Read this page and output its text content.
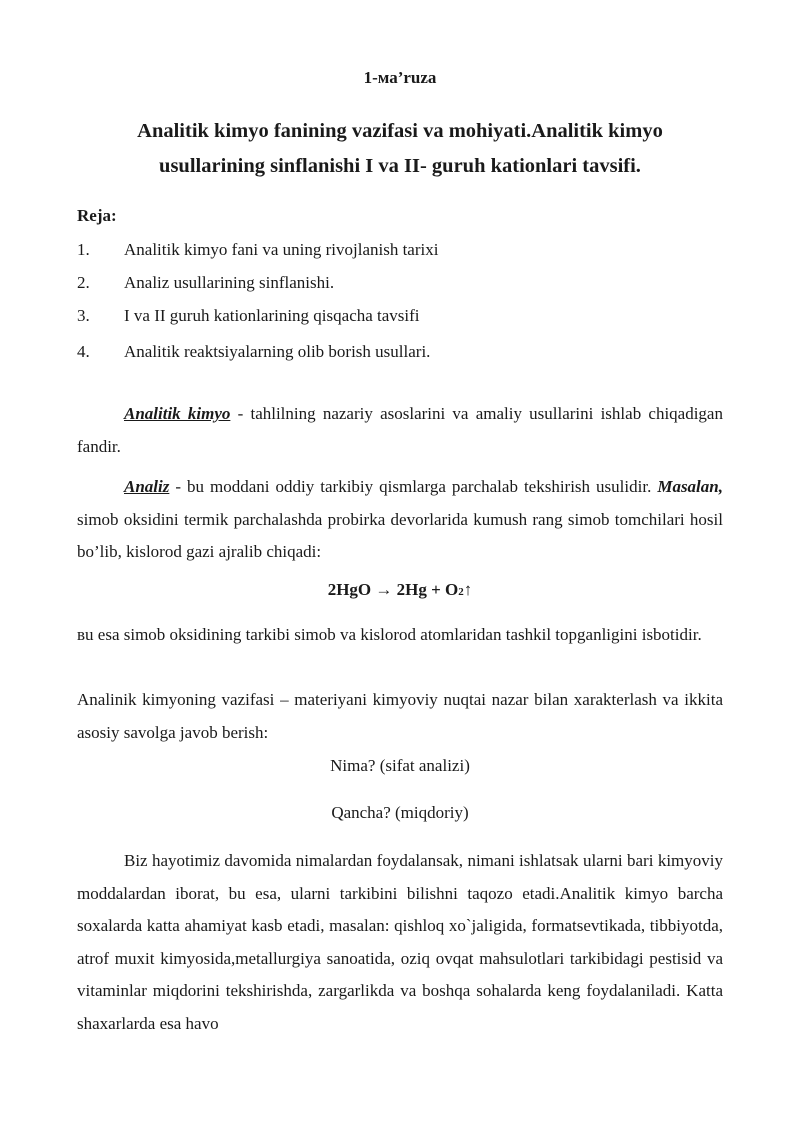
1-ма’ruza
Analitik kimyo fanining vazifasi va mohiyati.Analitik kimyo
usullarining sinflanishi I va II- guruh kationlari tavsifi.
Reja:
1. Analitik kimyo fani va uning rivojlanish tarixi
2. Analiz usullarining sinflanishi.
3. I va II guruh kationlarining qisqacha tavsifi
4. Analitik reaktsiyalarning olib borish usullari.

Analitik kimyo - tahlilning nazariy asoslarini va amaliy usullarini ishlab chiqadigan fandir.

Analiz - bu moddani oddiy tarkibiy qismlarga parchalab tekshirish usulidir. Masalan, simob oksidini termik parchalashda probirka devorlarida kumush rang simob tomchilari hosil bo’lib, kislorod gazi ajralib chiqadi:

2HgO → 2Hg + O2↑

вu esa simob oksidining tarkibi simob va kislorod atomlaridan tashkil topganligini isbotidir.

Analinik kimyoning vazifasi – materiyani kimyoviy nuqtai nazar bilan xarakterlash va ikkita asosiy savolga javob berish:

Nima? (sifat analizi)
Qancha? (miqdoriy)

Biz hayotimiz davomida nimalardan foydalansak, nimani ishlatsak ularni bari kimyoviy moddalardan iborat, bu esa, ularni tarkibini bilishni taqozo etadi.Analitik kimyo barcha soxalarda katta ahamiyat kasb etadi, masalan: qishloq xo`jaligida, formatsevtikada, tibbiyotda, atrof muxit kimyosida,metallurgiya sanoatida, oziq ovqat mahsulotlari tarkibidagi pestisid va vitaminlar miqdorini tekshirishda, zargarlikda va boshqa sohalarda keng foydalaniladi. Katta shaxarlarda esa havo
